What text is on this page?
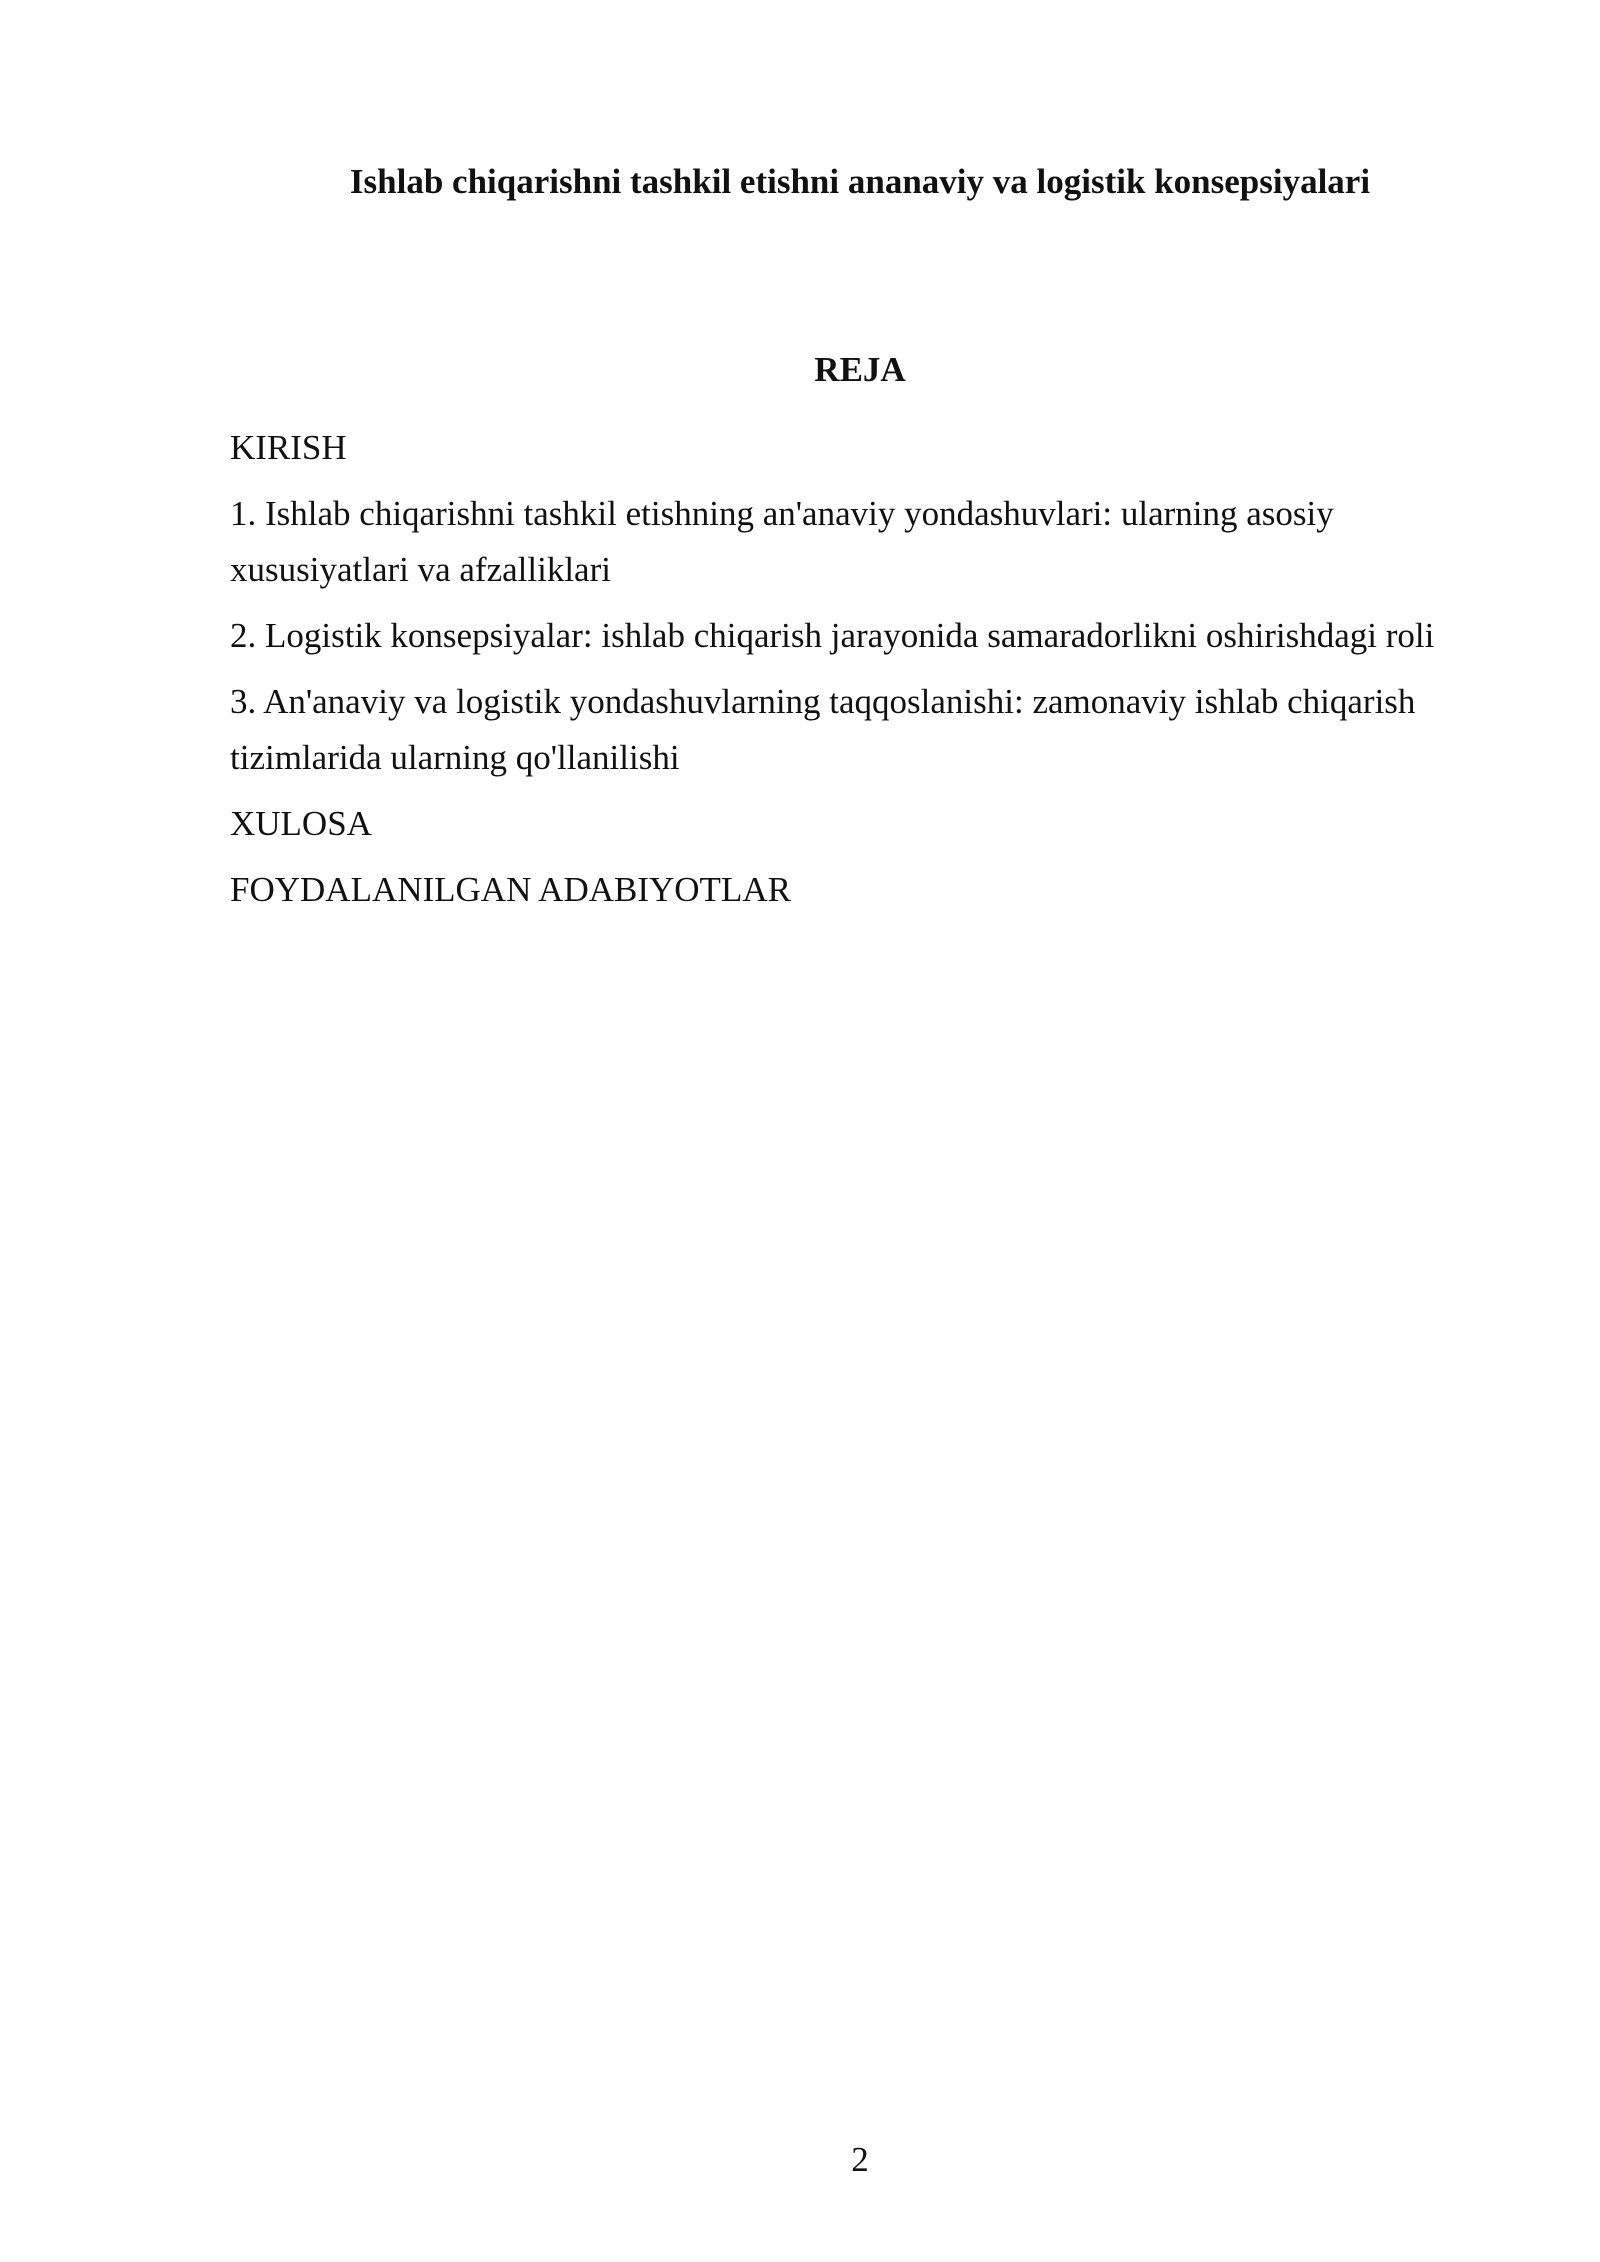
Ishlab chiqarishni tashkil etishni ananaviy va logistik konsepsiyalari
REJA
KIRISH
1. Ishlab chiqarishni tashkil etishning an'anaviy yondashuvlari: ularning asosiy xususiyatlari va afzalliklari
2. Logistik konsepsiyalar: ishlab chiqarish jarayonida samaradorlikni oshirishdagi roli
3. An'anaviy va logistik yondashuvlarning taqqoslanishi: zamonaviy ishlab chiqarish tizimlarida ularning qo'llanilishi
XULOSA
FOYDALANILGAN ADABIYOTLAR
2
